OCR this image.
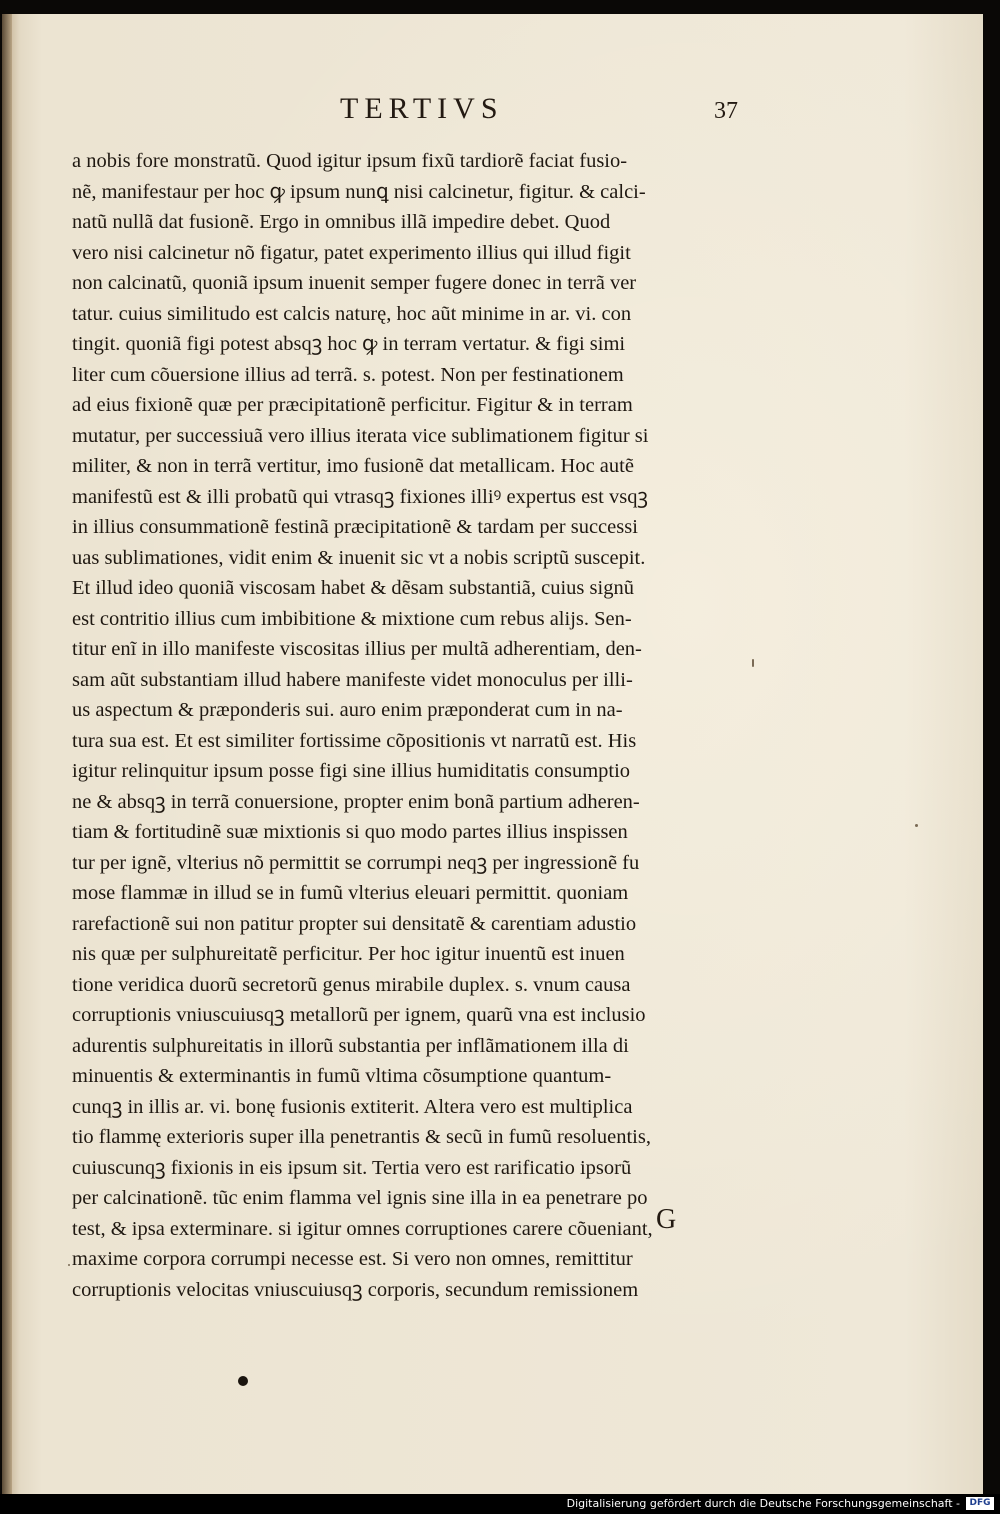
TERTIVS	37
a nobis fore monstratũ. Quod igitur ipsum fixũ tardiorẽ faciat fusio-
nẽ, manifestaur per hoc ꝙ ipsum nunꝗ nisi calcinetur, figitur. & calci-
natũ nullã dat fusionẽ. Ergo in omnibus illã impedire debet. Quod
vero nisi calcinetur nõ figatur, patet experimento illius qui illud figit
non calcinatũ, quoniã ipsum inuenit semper fugere donec in terrã ver
tatur. cuius similitudo est calcis naturę, hoc aũt minime in ar. vi. con
tingit. quoniã figi potest absqꝫ hoc ꝙ in terram vertatur. & figi simi
liter cum cõuersione illius ad terrã. s. potest. Non per festinationem
ad eius fixionẽ quæ per præcipitationẽ perficitur. Figitur & in terram
mutatur, per successiuã vero illius iterata vice sublimationem figitur si
militer, & non in terrã vertitur, imo fusionẽ dat metallicam. Hoc autẽ
manifestũ est & illi probatũ qui vtrasqꝫ fixiones illiꝰ expertus est vsqꝫ
in illius consummationẽ festinã præcipitationẽ & tardam per successi
uas sublimationes, vidit enim & inuenit sic vt a nobis scriptũ suscepit.
Et illud ideo quoniã viscosam habet & dẽsam substantiã, cuius signũ
est contritio illius cum imbibitione & mixtione cum rebus alijs. Sen-
titur enĩ in illo manifeste viscositas illius per multã adherentiam, den-
sam aũt substantiam illud habere manifeste videt monoculus per illi-
us aspectum & præponderis sui. auro enim præponderat cum in na-
tura sua est. Et est similiter fortissime cõpositionis vt narratũ est. His
igitur relinquitur ipsum posse figi sine illius humiditatis consumptio
ne & absqꝫ in terrã conuersione, propter enim bonã partium adheren-
tiam & fortitudinẽ suæ mixtionis si quo modo partes illius inspissen
tur per ignẽ, vlterius nõ permittit se corrumpi neqꝫ per ingressionẽ fu
mose flammæ in illud se in fumũ vlterius eleuari permittit. quoniam
rarefactionẽ sui non patitur propter sui densitatẽ & carentiam adustio
nis quæ per sulphureitatẽ perficitur. Per hoc igitur inuentũ est inuen
tione veridica duorũ secretorũ genus mirabile duplex. s. vnum causa
corruptionis vniuscuiusqꝫ metallorũ per ignem, quarũ vna est inclusio
adurentis sulphureitatis in illorũ substantia per inflãmationem illa di
minuentis & exterminantis in fumũ vltima cõsumptione quantum-
cunqꝫ in illis ar. vi. bonę fusionis extiterit. Altera vero est multiplica
tio flammę exterioris super illa penetrantis & secũ in fumũ resoluentis,
cuiuscunqꝫ fixionis in eis ipsum sit. Tertia vero est rarificatio ipsorũ
per calcinationẽ. tũc enim flamma vel ignis sine illa in ea penetrare po
test, & ipsa exterminare. si igitur omnes corruptiones carere cõueniant,
maxime corpora corrumpi necesse est. Si vero non omnes, remittitur
corruptionis velocitas vniuscuiusqꝫ corporis, secundum remissionem
G
Digitalisierung gefördert durch die Deutsche Forschungsgemeinschaft -	DFG
